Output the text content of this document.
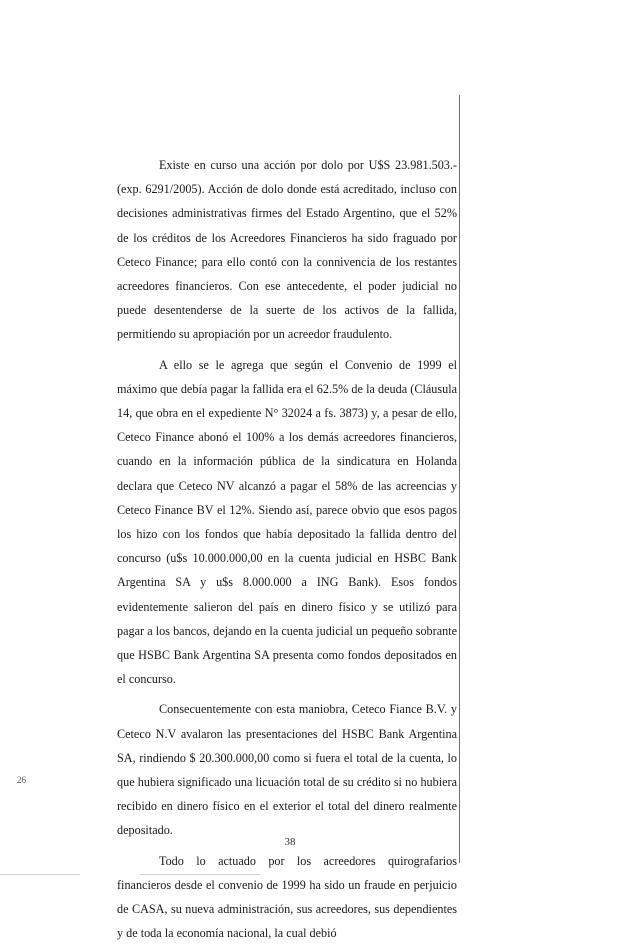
Existe en curso una acción por dolo por U$S 23.981.503.- (exp. 6291/2005). Acción de dolo donde está acreditado, incluso con decisiones administrativas firmes del Estado Argentino, que el 52% de los créditos de los Acreedores Financieros ha sido fraguado por Ceteco Finance; para ello contó con la connivencia de los restantes acreedores financieros. Con ese antecedente, el poder judicial no puede desentenderse de la suerte de los activos de la fallida, permitiendo su apropiación por un acreedor fraudulento.

A ello se le agrega que según el Convenio de 1999 el máximo que debía pagar la fallida era el 62.5% de la deuda (Cláusula 14, que obra en el expediente N° 32024 a fs. 3873) y, a pesar de ello, Ceteco Finance abonó el 100% a los demás acreedores financieros, cuando en la información pública de la sindicatura en Holanda declara que Ceteco NV alcanzó a pagar el 58% de las acreencias y Ceteco Finance BV el 12%. Siendo así, parece obvio que esos pagos los hizo con los fondos que había depositado la fallida dentro del concurso (u$s 10.000.000,00 en la cuenta judicial en HSBC Bank Argentina SA y u$s 8.000.000 a ING Bank). Esos fondos evidentemente salieron del país en dinero físico y se utilizó para pagar a los bancos, dejando en la cuenta judicial un pequeño sobrante que HSBC Bank Argentina SA presenta como fondos depositados en el concurso.

Consecuentemente con esta maniobra, Ceteco Fiance B.V. y Ceteco N.V avalaron las presentaciones del HSBC Bank Argentina SA, rindiendo $ 20.300.000,00 como si fuera el total de la cuenta, lo que hubiera significado una licuación total de su crédito si no hubiera recibido en dinero físico en el exterior el total del dinero realmente depositado.

Todo lo actuado por los acreedores quirografarios financieros desde el convenio de 1999 ha sido un fraude en perjuicio de CASA, su nueva administración, sus acreedores, sus dependientes y de toda la economía nacional, la cual debió

26
38
